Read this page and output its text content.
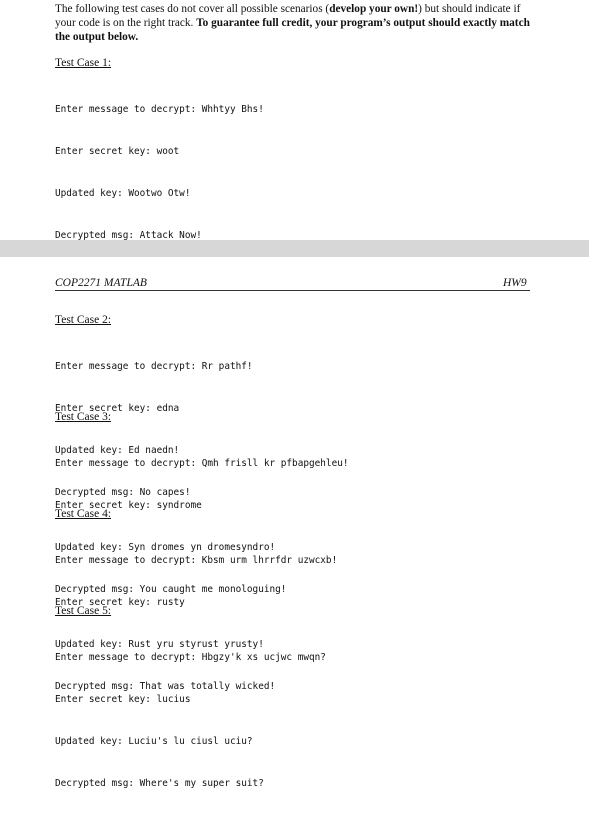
The following test cases do not cover all possible scenarios (develop your own!) but should indicate if your code is on the right track. To guarantee full credit, your program’s output should exactly match the output below.
Test Case 1:

Enter message to decrypt: Whhtyy Bhs!

Enter secret key: woot

Updated key: Wootwo Otw!

Decrypted msg: Attack Now!

COP2271 MATLAB	HW9
Test Case 2:

Enter message to decrypt: Rr pathf!

Enter secret key: edna

Updated key: Ed naedn!

Decrypted msg: No capes!

Test Case 3:

Enter message to decrypt: Qmh frisll kr pfbapgehleu!

Enter secret key: syndrome

Updated key: Syn dromes yn dromesyndro!

Decrypted msg: You caught me monologuing!

Test Case 4:

Enter message to decrypt: Kbsm urm lhrrfdr uzwcxb!

Enter secret key: rusty

Updated key: Rust yru styrust yrusty!

Decrypted msg: That was totally wicked!

Test Case 5:

Enter message to decrypt: Hbgzy'k xs ucjwc mwqn?

Enter secret key: lucius

Updated key: Luciu's lu ciusl uciu?

Decrypted msg: Where's my super suit?
